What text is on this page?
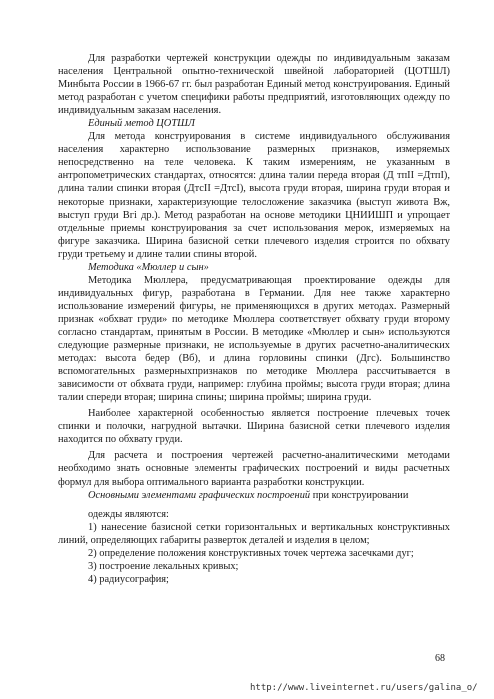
Для разработки чертежей конструкции одежды по индивидуальным заказам населения Центральной опытно-технической швейной лабораторией (ЦОТШЛ) Минбыта России в 1966-67 гг. был разработан Единый метод конструирования. Единый метод разработан с учетом специфики работы предприятий, изготовляющих одежду по индивидуальным заказам населения.

Единый метод ЦОТШЛ

Для метода конструирования в системе индивидуального обслуживания населения характерно использование размерных признаков, измеряемых непосредственно на теле человека. К таким измерениям, не указанным в антропометрических стандартах, относятся: длина талии переда вторая (Д тпII =ДтпI), длина талии спинки вторая (ДтсII =ДтсI), высота груди вторая, ширина груди вторая и некоторые признаки, характеризующие телосложение заказчика (выступ живота Вж, выступ груди Вгi др.). Метод разработан на основе методики ЦНИИШП и упрощает отдельные приемы конструирования за счет использования мерок, измеряемых на фигуре заказчика. Ширина базисной сетки плечевого изделия строится по обхвату груди третьему и длине талии спины второй.

Методика «Мюллер и сын»

Методика Мюллера, предусматривающая проектирование одежды для индивидуальных фигур, разработана в Германии. Для нее также характерно использование измерений фигуры, не применяющихся в других методах. Размерный признак «обхват груди» по методике Мюллера соответствует обхвату груди второму согласно стандартам, принятым в России. В методике «Мюллер и сын» используются следующие размерные признаки, не используемые в других расчетно-аналитических методах: высота бедер (Вб), и длина горловины спинки (Дгс). Большинство вспомогательных размерныхпризнаков по методике Мюллера рассчитывается в зависимости от обхвата груди, например: глубина проймы; высота груди вторая; длина талии спереди вторая; ширина спины; ширина проймы; ширина груди.

Наиболее характерной особенностью является построение плечевых точек спинки и полочки, нагрудной вытачки. Ширина базисной сетки плечевого изделия находится по обхвату груди.

Для расчета и построения чертежей расчетно-аналитическими методами необходимо знать основные элементы графических построений и виды расчетных формул для выбора оптимального варианта разработки конструкции.

Основными элементами графических построений при конструировании

одежды являются:

1) нанесение базисной сетки горизонтальных и вертикальных конструктивных линий, определяющих габариты разверток деталей и изделия в целом;

2) определение положения конструктивных точек чертежа засечками дуг;

3) построение лекальных кривых;

4) радиусография;

68
http://www.liveinternet.ru/users/galina_o/
